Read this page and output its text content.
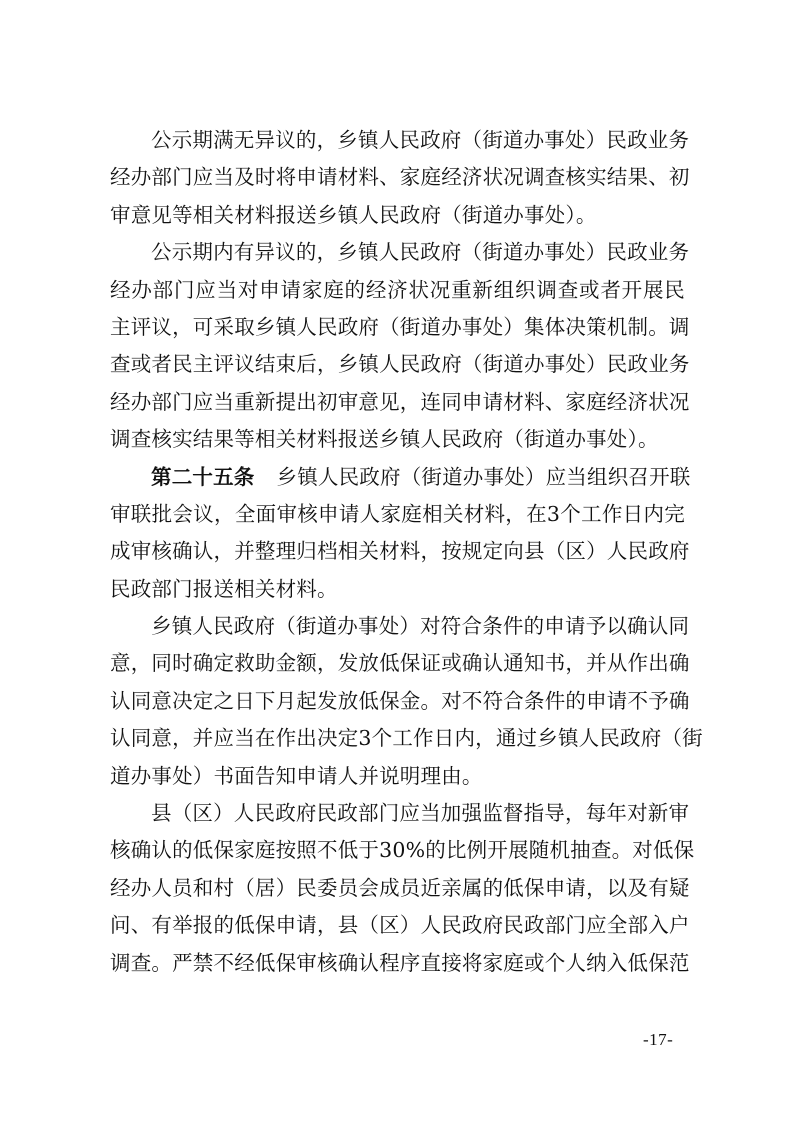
公示期满无异议的，乡镇人民政府（街道办事处）民政业务
经办部门应当及时将申请材料、家庭经济状况调查核实结果、初
审意见等相关材料报送乡镇人民政府（街道办事处）。
公示期内有异议的，乡镇人民政府（街道办事处）民政业务
经办部门应当对申请家庭的经济状况重新组织调查或者开展民
主评议，可采取乡镇人民政府（街道办事处）集体决策机制。调
查或者民主评议结束后，乡镇人民政府（街道办事处）民政业务
经办部门应当重新提出初审意见，连同申请材料、家庭经济状况
调查核实结果等相关材料报送乡镇人民政府（街道办事处）。
第二十五条 乡镇人民政府（街道办事处）应当组织召开联
审联批会议，全面审核申请人家庭相关材料，在3个工作日内完
成审核确认，并整理归档相关材料，按规定向县（区）人民政府
民政部门报送相关材料。
乡镇人民政府（街道办事处）对符合条件的申请予以确认同
意，同时确定救助金额，发放低保证或确认通知书，并从作出确
认同意决定之日下月起发放低保金。对不符合条件的申请不予确
认同意，并应当在作出决定3个工作日内，通过乡镇人民政府（街
道办事处）书面告知申请人并说明理由。
县（区）人民政府民政部门应当加强监督指导，每年对新审
核确认的低保家庭按照不低于30%的比例开展随机抽查。对低保
经办人员和村（居）民委员会成员近亲属的低保申请，以及有疑
问、有举报的低保申请，县（区）人民政府民政部门应全部入户
调查。严禁不经低保审核确认程序直接将家庭或个人纳入低保范
-17-
